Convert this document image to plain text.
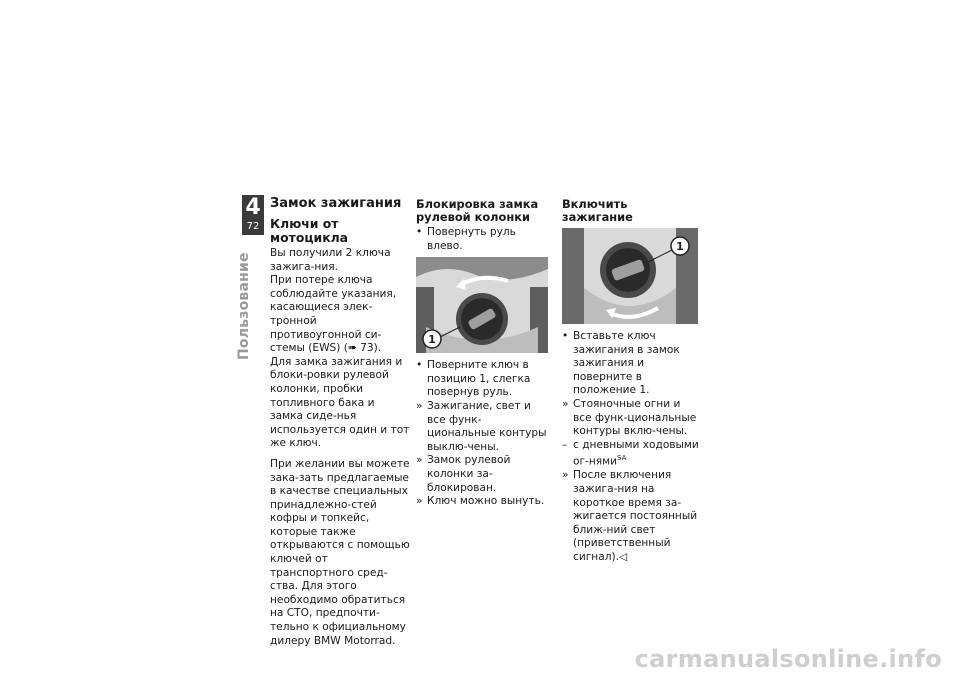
4
72
Пользование
Замок зажигания
Ключи от мотоцикла

Вы получили 2 ключа зажига-ния.

При потере ключа соблюдайте указания, касающиеся элек-тронной противоугонной си-стемы (EWS) (➠ 73).

Для замка зажигания и блоки-ровки рулевой колонки, пробки топливного бака и замка сиде-нья используется один и тот же ключ.

При желании вы можете зака-зать предлагаемые в качестве специальных принадлежно-стей кофры и топкейс, которые также открываются с помощью ключей от транспортного сред-ства. Для этого необходимо обратиться на СТО, предпочти-тельно к официальному дилеру BMW Motorrad.

Блокировка замка рулевой колонки
• Повернуть руль влево.
1
• Поверните ключ в позицию 1, слегка повернув руль.
» Зажигание, свет и все функ-циональные контуры выклю-чены.
» Замок рулевой колонки за-блокирован.
» Ключ можно вынуть.
Включить зажигание
1
• Вставьте ключ зажигания в замок зажигания и поверните в положение 1.
» Стояночные огни и все функ-циональные контуры вклю-чены.
– с дневными ходовыми ог-нями$^{SA}$
» После включения зажига-ния на короткое время за-жигается постоянный ближ-ний свет (приветственный сигнал).◁
carmanualsonline.info
